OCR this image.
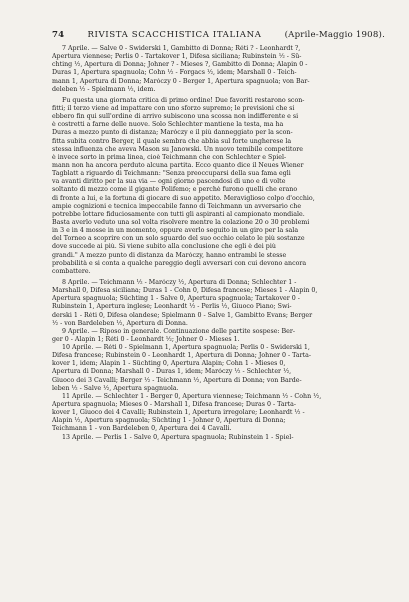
74	RIVISTA SCACCHISTICA ITALIANA	(Aprile-Maggio 1908).
7 Aprile. — Salve 0 - Swiderski 1, Gambitto di Donna; Réti ? - Leonhardt ?,
Apertura viennese; Perlis 0 - Tartakover 1, Difesa siciliana; Rubinstein ½ - Sü-
chting ½, Apertura di Donna; Johner ? - Mieses ?, Gambitto di Donna; Alapin 0 -
Duras 1, Apertura spagnuola; Cohn ½ - Forgacs ½, idem; Marshall 0 - Teich-
mann 1, Apertura di Donna; Maróczy 0 - Berger 1, Apertura spagnuola; von Bar-
deleben ½ - Spielmann ½, idem.
Fu questa una giornata critica di primo ordine! Due favoriti restarono scon-
fitti; il terzo viene ad impattare con uno sforzo supremo; le previsioni che si
ebbero fin qui sull'ordine di arrivo subiscono una scossa non indifferente e si
è costretti a farne delle nuove. Solo Schlechter mantiene la testa, ma ha
Duras a mezzo punto di distanza; Maróczy e il più danneggiato per la scon-
fitta subita contro Berger, il quale sembra che abbia sul forte ungherese la
stessa influenza che aveva Mason su Janowski. Un nuovo temibile competitore
è invece sorto in prima linea, cioè Teichmann che con Schlechter e Spiel-
mann non ha ancora perduto alcuna partita. Ecco quanto dice il Neues Wiener
Tagblatt a riguardo di Teichmann: "Senza preoccuparsi della sua fama egli
va avanti diritto per la sua via — ogni giorno pascendosi di uno e di volte
soltanto di mezzo come il gigante Polifemo; e perchè furono quelli che erano
di fronte a lui, e la fortuna di giocare di suo appetito. Meraviglioso colpo d'occhio,
ampie cognizioni e tecnica impeccabile fanno di Teichmann un avversario che
potrebbe lottare fiduciosamente con tutti gli aspiranti al campionato mondiale.
Basta averlo veduto una sol volta risolvere mentre la colazione 20 o 30 problemi
in 3 e in 4 mosse in un momento, oppure averlo seguito in un giro per la sala
del Torneo a scoprire con un solo sguardo del suo occhio celato le più sostanze
dove succede ai più. Si viene subito alla conclusione che egli è dei più
grandi." A mezzo punto di distanza da Maróczy, hanno entrambi le stesse
probabilità e si conta a qualche pareggio degli avversari con cui devono ancora
combattere.
8 Aprile. — Teichmann ½ - Maróczy ½, Apertura di Donna; Schlechter 1 -
Marshall 0, Difesa siciliana; Duras 1 - Cohn 0, Difesa francese; Mieses 1 - Alapin 0,
Apertura spagnuola; Süchting 1 - Salve 0, Apertura spagnuola; Tartakover 0 -
Rubinstein 1, Apertura inglese; Leonhardt ½ - Perlis ½, Giuoco Piano; Swi-
derski 1 - Réti 0, Difesa olandese; Spielmann 0 - Salve 1, Gambitto Evans; Berger
½ - von Bardeleben ½, Apertura di Donna.
9 Aprile. — Riposo in generale. Continuazione delle partite sospese: Ber-
ger 0 - Alapin 1; Réti 0 - Leonhardt ½; Johner 0 - Mieses 1.
10 Aprile. — Réti 0 - Spielmann 1, Apertura spagnuola; Perlis 0 - Swiderski 1,
Difesa francese; Rubinstein 0 - Leonhardt 1, Apertura di Donna; Johner 0 - Tarta-
kover 1, idem; Alapin 1 - Süchting 0, Apertura Alapin; Cohn 1 - Mieses 0,
Apertura di Donna; Marshall 0 - Duras 1, idem; Maróczy ½ - Schlechter ½,
Giuoco dei 3 Cavalli; Berger ½ - Teichmann ½, Apertura di Donna; von Barde-
leben ½ - Salve ½, Apertura spagnuola.
11 Aprile. — Schlechter 1 - Berger 0, Apertura viennese; Teichmann ½ - Cohn ½,
Apertura spagnuola; Mieses 0 - Marshall 1, Difesa francese; Duras 0 - Tarta-
kover 1, Giuoco dei 4 Cavalli; Rubinstein 1, Apertura irregolare; Leonhardt ½ -
Alapin ½, Apertura spagnuola; Süchting 1 - Johner 0, Apertura di Donna;
Teichmann 1 - von Bardeleben 0, Apertura dei 4 Cavalli.
13 Aprile. — Perlis 1 - Salve 0, Apertura spagnuola; Rubinstein 1 - Spiel-
